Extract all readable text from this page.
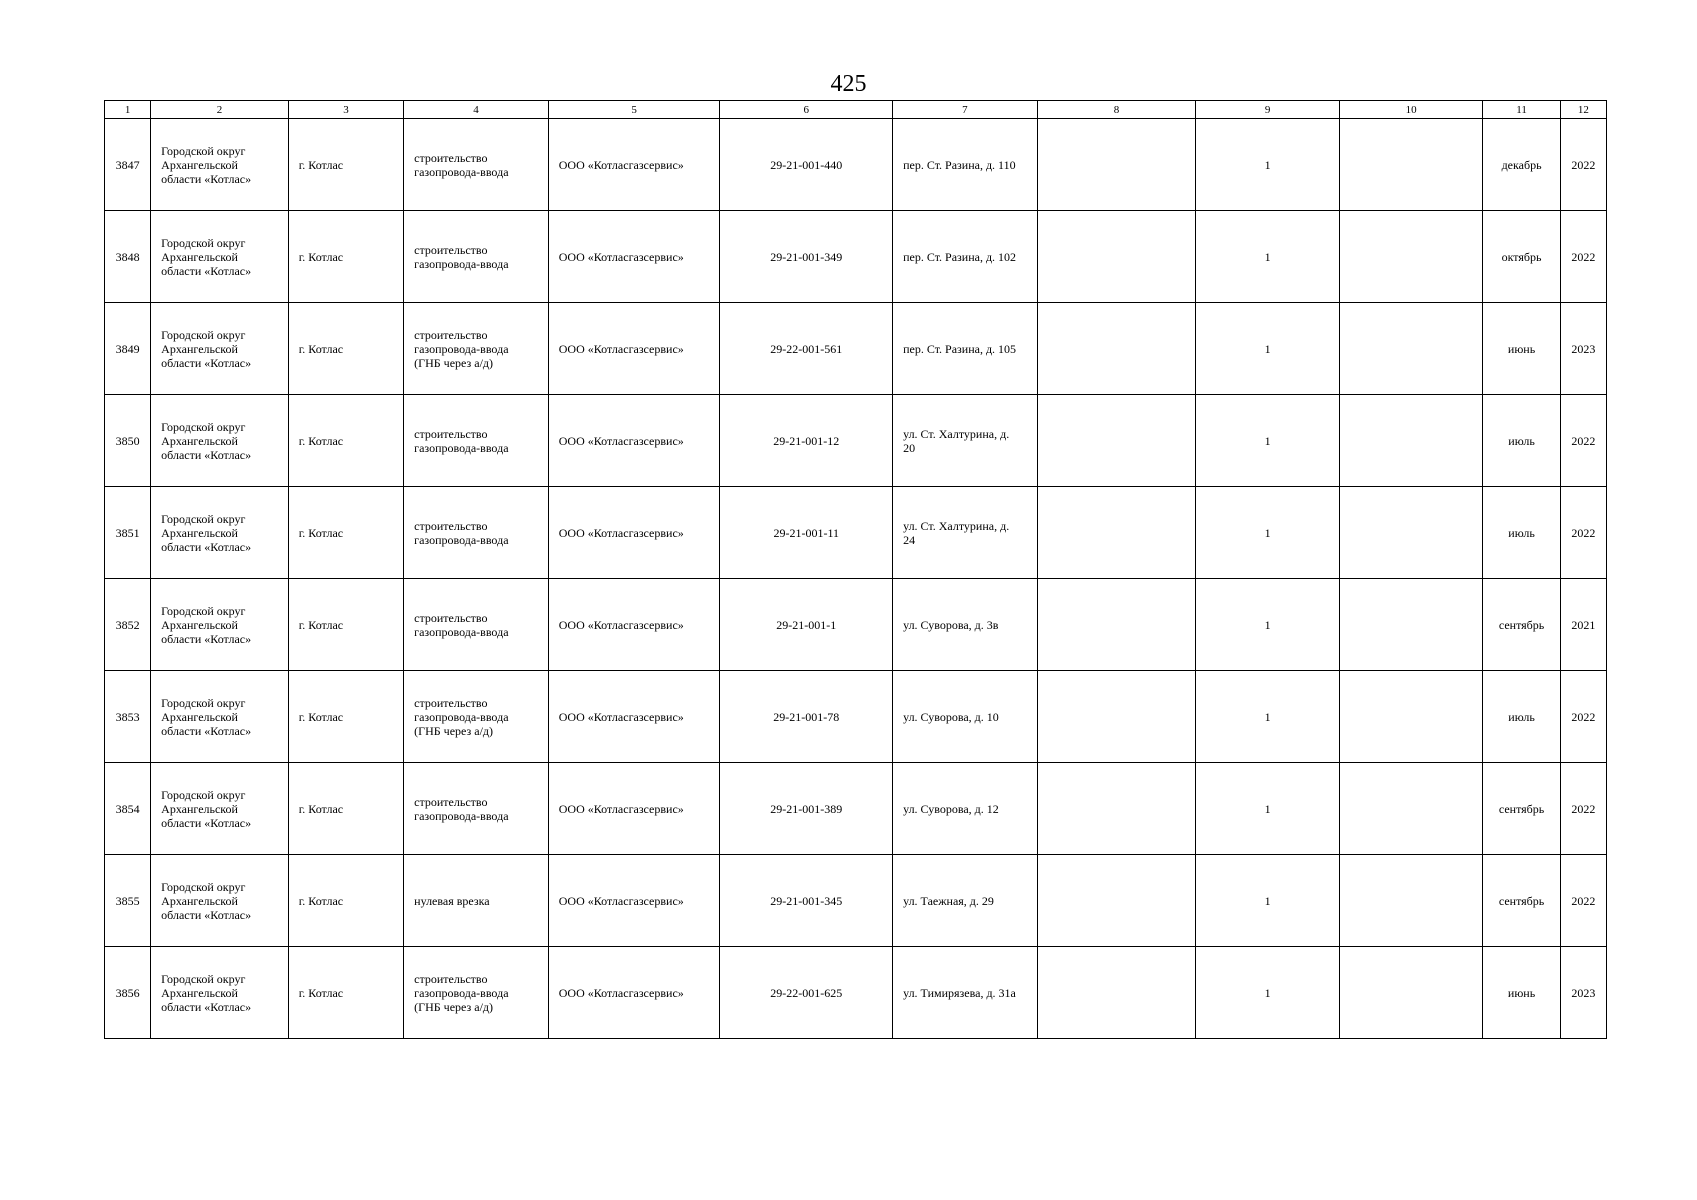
425
1	2	3	4	5	6	7	8	9	10	11	12
3847	Городской округ
Архангельской
области «Котлас»	г. Котлас	строительство
газопровода-ввода	ООО «Котласгазсервис»	29-21-001-440	пер. Ст. Разина, д. 110		1		декабрь	2022
3848	Городской округ
Архангельской
области «Котлас»	г. Котлас	строительство
газопровода-ввода	ООО «Котласгазсервис»	29-21-001-349	пер. Ст. Разина, д. 102		1		октябрь	2022
3849	Городской округ
Архангельской
области «Котлас»	г. Котлас	строительство
газопровода-ввода
(ГНБ через а/д)	ООО «Котласгазсервис»	29-22-001-561	пер. Ст. Разина, д. 105		1		июнь	2023
3850	Городской округ
Архангельской
области «Котлас»	г. Котлас	строительство
газопровода-ввода	ООО «Котласгазсервис»	29-21-001-12	ул. Ст. Халтурина, д.
20		1		июль	2022
3851	Городской округ
Архангельской
области «Котлас»	г. Котлас	строительство
газопровода-ввода	ООО «Котласгазсервис»	29-21-001-11	ул. Ст. Халтурина, д.
24		1		июль	2022
3852	Городской округ
Архангельской
области «Котлас»	г. Котлас	строительство
газопровода-ввода	ООО «Котласгазсервис»	29-21-001-1	ул. Суворова, д. 3в		1		сентябрь	2021
3853	Городской округ
Архангельской
области «Котлас»	г. Котлас	строительство
газопровода-ввода
(ГНБ через а/д)	ООО «Котласгазсервис»	29-21-001-78	ул. Суворова, д. 10		1		июль	2022
3854	Городской округ
Архангельской
области «Котлас»	г. Котлас	строительство
газопровода-ввода	ООО «Котласгазсервис»	29-21-001-389	ул. Суворова, д. 12		1		сентябрь	2022
3855	Городской округ
Архангельской
области «Котлас»	г. Котлас	нулевая врезка	ООО «Котласгазсервис»	29-21-001-345	ул. Таежная, д. 29		1		сентябрь	2022
3856	Городской округ
Архангельской
области «Котлас»	г. Котлас	строительство
газопровода-ввода
(ГНБ через а/д)	ООО «Котласгазсервис»	29-22-001-625	ул. Тимирязева, д. 31а		1		июнь	2023
